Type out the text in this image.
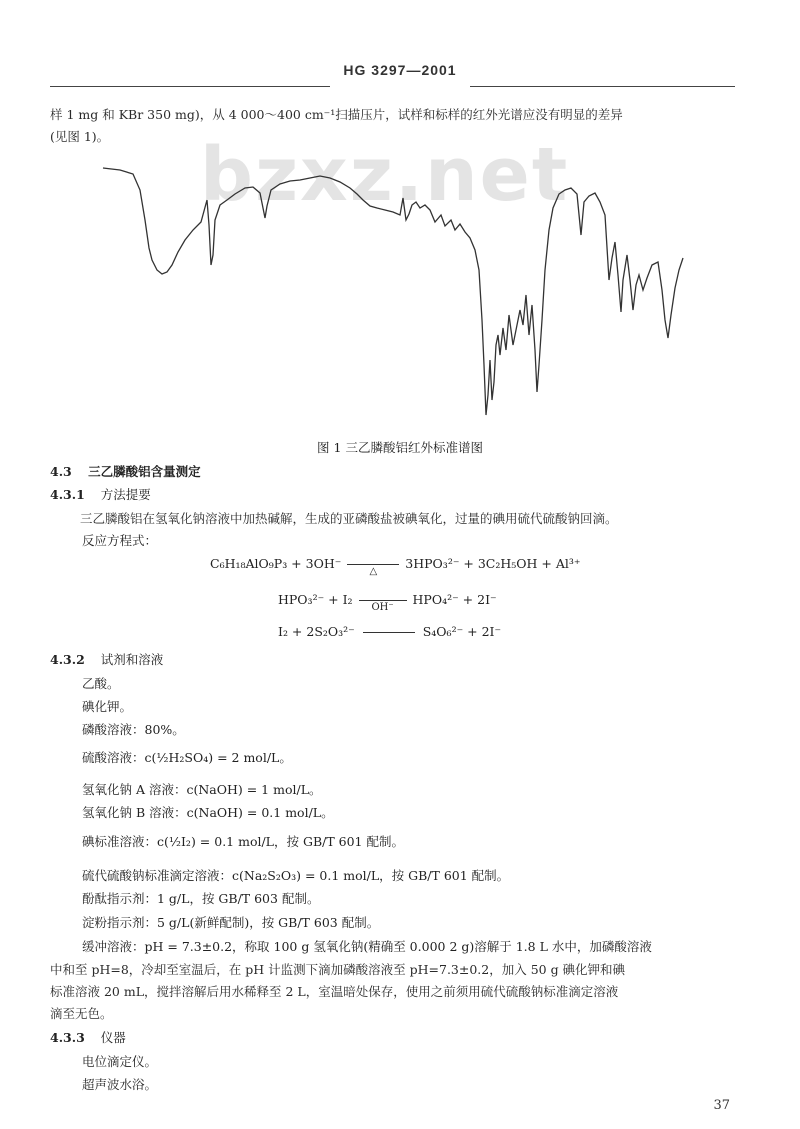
HG 3297—2001
样 1 mg 和 KBr 350 mg)，从 4 000～400 cm⁻¹扫描压片，试样和标样的红外光谱应没有明显的差异
(见图 1)。	bzxz.net
图 1 三乙膦酸铝红外标准谱图
4.3 三乙膦酸铝含量测定
4.3.1 方法提要
三乙膦酸铝在氢氧化钠溶液中加热碱解，生成的亚磷酸盐被碘氧化，过量的碘用硫代硫酸钠回滴。
反应方程式：
C₆H₁₈AlO₉P₃ + 3OH⁻
△
3HPO₃²⁻ + 3C₂H₅OH + Al³⁺
HPO₃²⁻ + I₂
OH⁻
HPO₄²⁻ + 2I⁻
I₂ + 2S₂O₃²⁻	S₄O₆²⁻ + 2I⁻
4.3.2 试剂和溶液
乙酸。
碘化钾。
磷酸溶液：80%。
硫酸溶液：c(½H₂SO₄) = 2 mol/L。
氢氧化钠 A 溶液：c(NaOH) = 1 mol/L。
氢氧化钠 B 溶液：c(NaOH) = 0.1 mol/L。
碘标准溶液：c(½I₂) = 0.1 mol/L，按 GB/T 601 配制。
硫代硫酸钠标准滴定溶液：c(Na₂S₂O₃) = 0.1 mol/L，按 GB/T 601 配制。
酚酞指示剂：1 g/L，按 GB/T 603 配制。
淀粉指示剂：5 g/L(新鲜配制)，按 GB/T 603 配制。
缓冲溶液：pH = 7.3±0.2，称取 100 g 氢氧化钠(精确至 0.000 2 g)溶解于 1.8 L 水中，加磷酸溶液
中和至 pH=8，冷却至室温后，在 pH 计监测下滴加磷酸溶液至 pH=7.3±0.2，加入 50 g 碘化钾和碘
标准溶液 20 mL，搅拌溶解后用水稀释至 2 L，室温暗处保存，使用之前须用硫代硫酸钠标准滴定溶液
滴至无色。
4.3.3 仪器
电位滴定仪。
超声波水浴。
37
